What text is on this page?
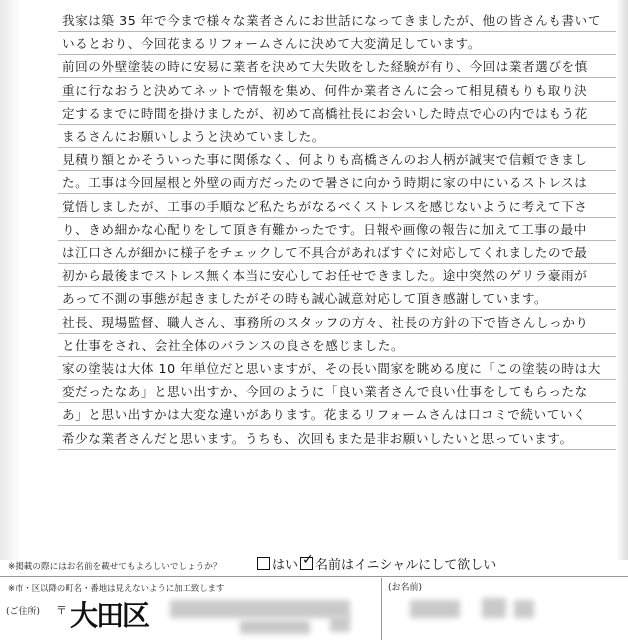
我家は築 35 年で今まで様々な業者さんにお世話になってきましたが、他の皆さんも書いて
いるとおり、今回花まるリフォームさんに決めて大変満足しています。
前回の外壁塗装の時に安易に業者を決めて大失敗をした経験が有り、今回は業者選びを慎
重に行なおうと決めてネットで情報を集め、何件か業者さんに会って相見積もりも取り決
定するまでに時間を掛けましたが、初めて高橋社長にお会いした時点で心の内ではもう花
まるさんにお願いしようと決めていました。
見積り額とかそういった事に関係なく、何よりも高橋さんのお人柄が誠実で信頼できまし
た。工事は今回屋根と外壁の両方だったので暑さに向かう時期に家の中にいるストレスは
覚悟しましたが、工事の手順など私たちがなるべくストレスを感じないように考えて下さ
り、きめ細かな心配りをして頂き有難かったです。日報や画像の報告に加えて工事の最中
は江口さんが細かに様子をチェックして不具合があればすぐに対応してくれましたので最
初から最後までストレス無く本当に安心してお任せできました。途中突然のゲリラ豪雨が
あって不測の事態が起きましたがその時も誠心誠意対応して頂き感謝しています。
社長、現場監督、職人さん、事務所のスタッフの方々、社長の方針の下で皆さんしっかり
と仕事をされ、会社全体のバランスの良さを感じました。
家の塗装は大体 10 年単位だと思いますが、その長い間家を眺める度に「この塗装の時は大
変だったなあ」と思い出すか、今回のように「良い業者さんで良い仕事をしてもらったな
あ」と思い出すかは大変な違いがあります。花まるリフォームさんは口コミで続いていく
希少な業者さんだと思います。うちも、次回もまた是非お願いしたいと思っています。
※掲載の際にはお名前を載せてもよろしいでしょうか？	はい ✓ 名前はイニシャルにして欲しい
※市・区以降の町名・番地は見えないように加工致します
(ご住所) 〒 大田区
(お名前)
